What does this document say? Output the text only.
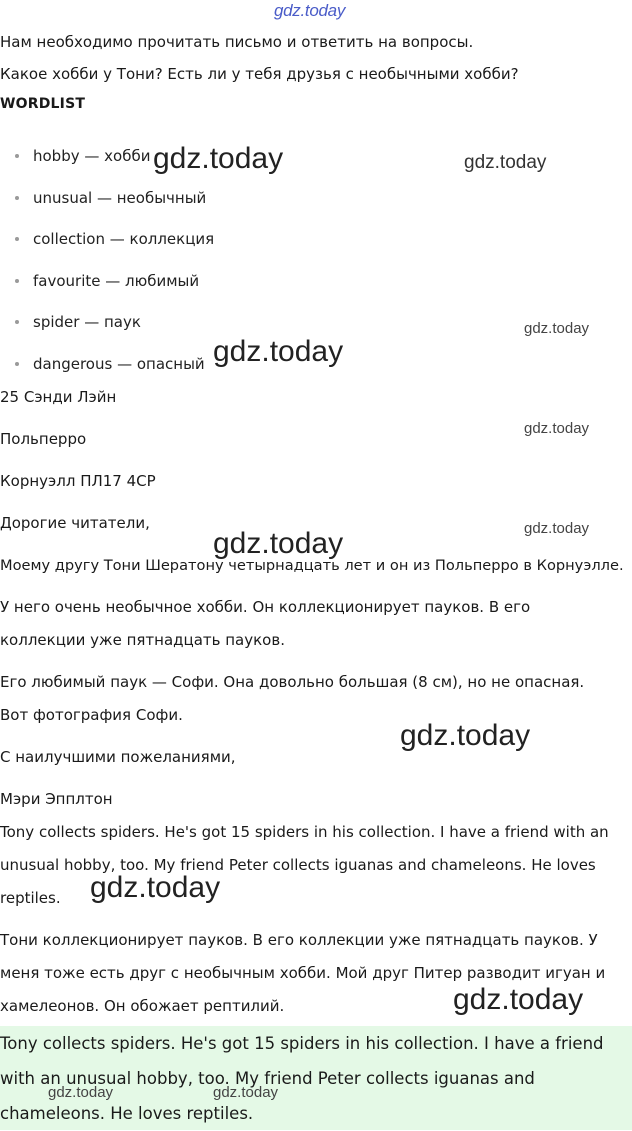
gdz.today

Нам необходимо прочитать письмо и ответить на вопросы.

Какое хобби у Тони? Есть ли у тебя друзья с необычными хобби?

WORDLIST
hobby — хобби
unusual — необычный
collection — коллекция
favourite — любимый
spider — паук
dangerous — опасный

25 Сэнди Лэйн

Польперро

Корнуэлл ПЛ17 4СР

Дорогие читатели,

Моему другу Тони Шератону четырнадцать лет и он из Польперро в Корнуэлле.

У него очень необычное хобби. Он коллекционирует пауков. В его коллекции уже пятнадцать пауков.

Его любимый паук — Софи. Она довольно большая (8 см), но не опасная. Вот фотография Софи.

С наилучшими пожеланиями,

Мэри Эпплтон

Tony collects spiders. He's got 15 spiders in his collection. I have a friend with an unusual hobby, too. My friend Peter collects iguanas and chameleons. He loves reptiles.

Тони коллекционирует пауков. В его коллекции уже пятнадцать пауков. У меня тоже есть друг с необычным хобби. Мой друг Питер разводит игуан и хамелеонов. Он обожает рептилий.

Tony collects spiders. He's got 15 spiders in his collection. I have a friend with an unusual hobby, too. My friend Peter collects iguanas and chameleons. He loves reptiles.

gdz.today	gdz.today
gdz.today
gdz.today
gdz.today
gdz.today
gdz.today
gdz.today
gdz.today
gdz.today
gdz.today	gdz.today
